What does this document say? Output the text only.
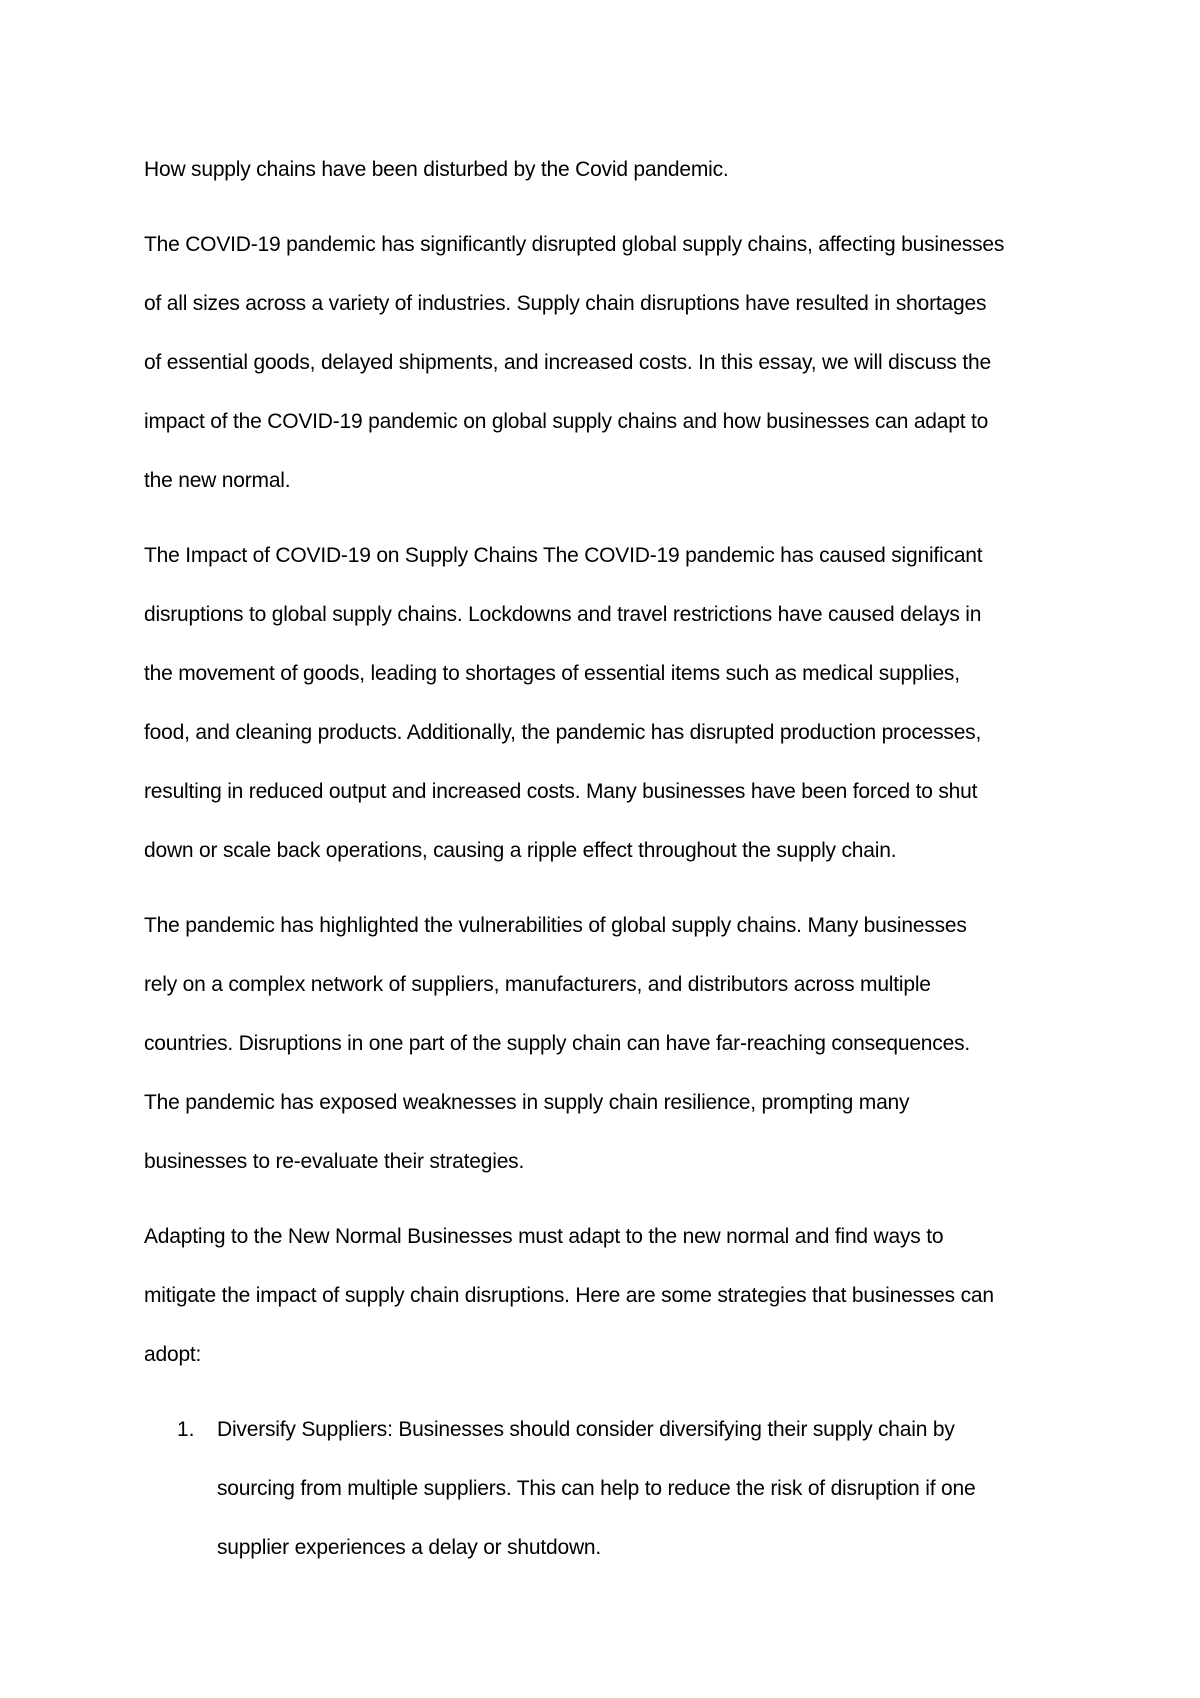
How supply chains have been disturbed by the Covid pandemic.
The COVID-19 pandemic has significantly disrupted global supply chains, affecting businesses
of all sizes across a variety of industries. Supply chain disruptions have resulted in shortages
of essential goods, delayed shipments, and increased costs. In this essay, we will discuss the
impact of the COVID-19 pandemic on global supply chains and how businesses can adapt to
the new normal.
The Impact of COVID-19 on Supply Chains The COVID-19 pandemic has caused significant
disruptions to global supply chains. Lockdowns and travel restrictions have caused delays in
the movement of goods, leading to shortages of essential items such as medical supplies,
food, and cleaning products. Additionally, the pandemic has disrupted production processes,
resulting in reduced output and increased costs. Many businesses have been forced to shut
down or scale back operations, causing a ripple effect throughout the supply chain.
The pandemic has highlighted the vulnerabilities of global supply chains. Many businesses
rely on a complex network of suppliers, manufacturers, and distributors across multiple
countries. Disruptions in one part of the supply chain can have far-reaching consequences.
The pandemic has exposed weaknesses in supply chain resilience, prompting many
businesses to re-evaluate their strategies.
Adapting to the New Normal Businesses must adapt to the new normal and find ways to
mitigate the impact of supply chain disruptions. Here are some strategies that businesses can
adopt:
1. Diversify Suppliers: Businesses should consider diversifying their supply chain by
sourcing from multiple suppliers. This can help to reduce the risk of disruption if one
supplier experiences a delay or shutdown.
